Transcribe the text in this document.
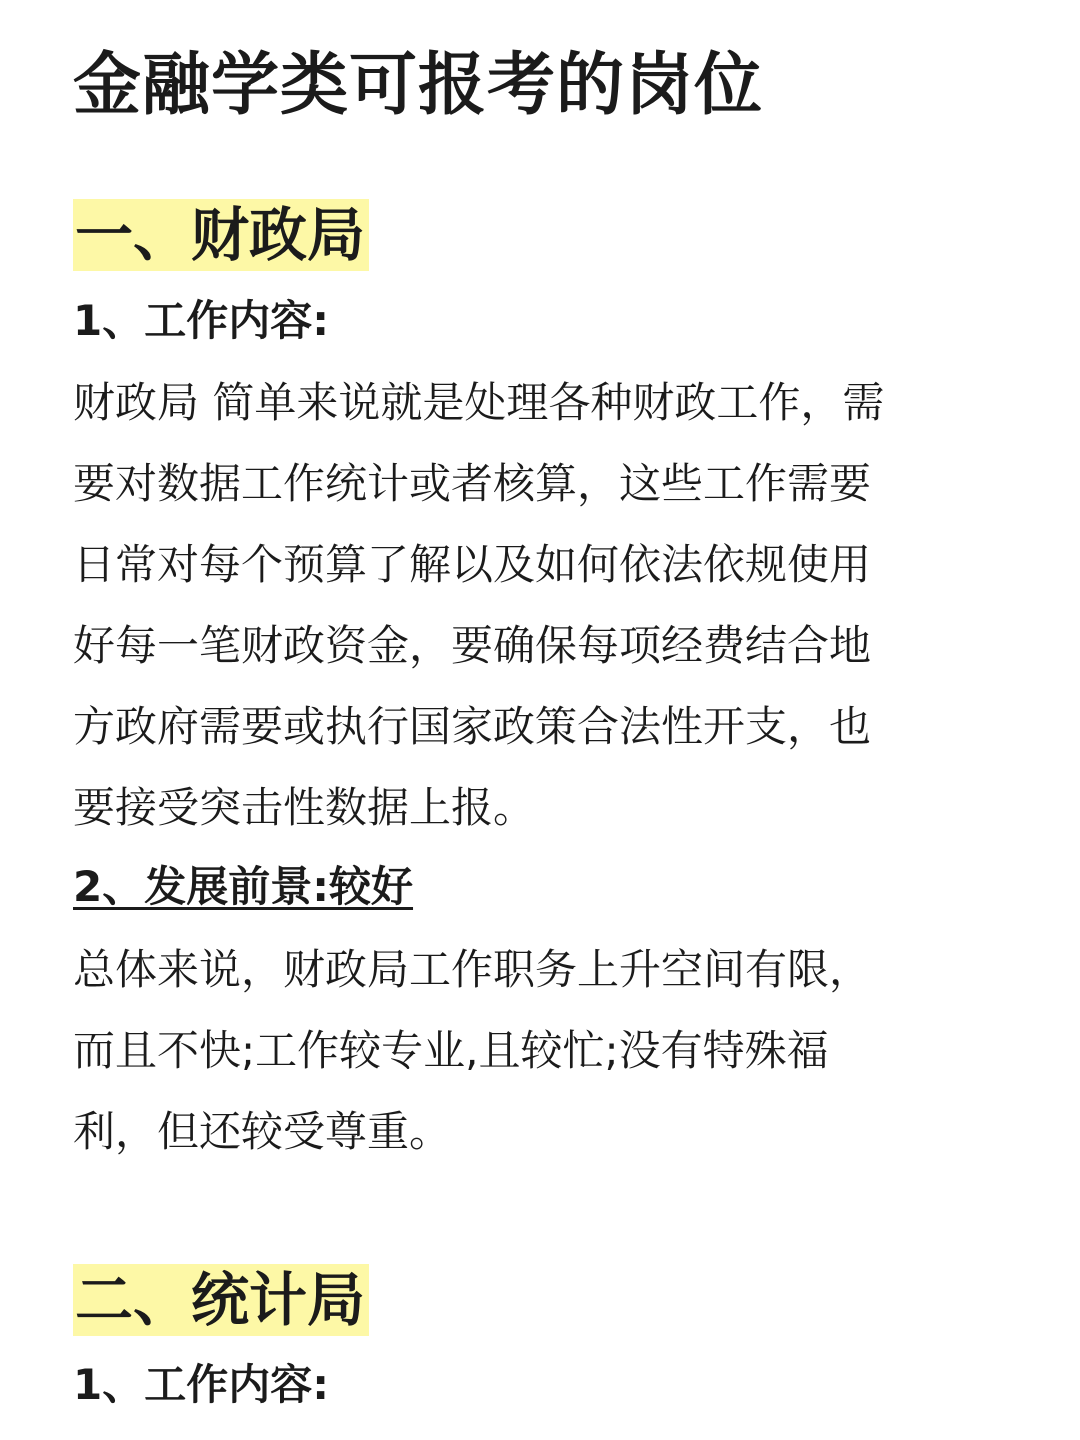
金融学类可报考的岗位
一、财政局
1、工作内容:
财政局 简单来说就是处理各种财政工作，需
要对数据工作统计或者核算，这些工作需要
日常对每个预算了解以及如何依法依规使用
好每一笔财政资金，要确保每项经费结合地
方政府需要或执行国家政策合法性开支，也
要接受突击性数据上报。
2、发展前景:较好
总体来说，财政局工作职务上升空间有限，
而且不快;工作较专业,且较忙;没有特殊福
利，但还较受尊重。
二、统计局
1、工作内容:
